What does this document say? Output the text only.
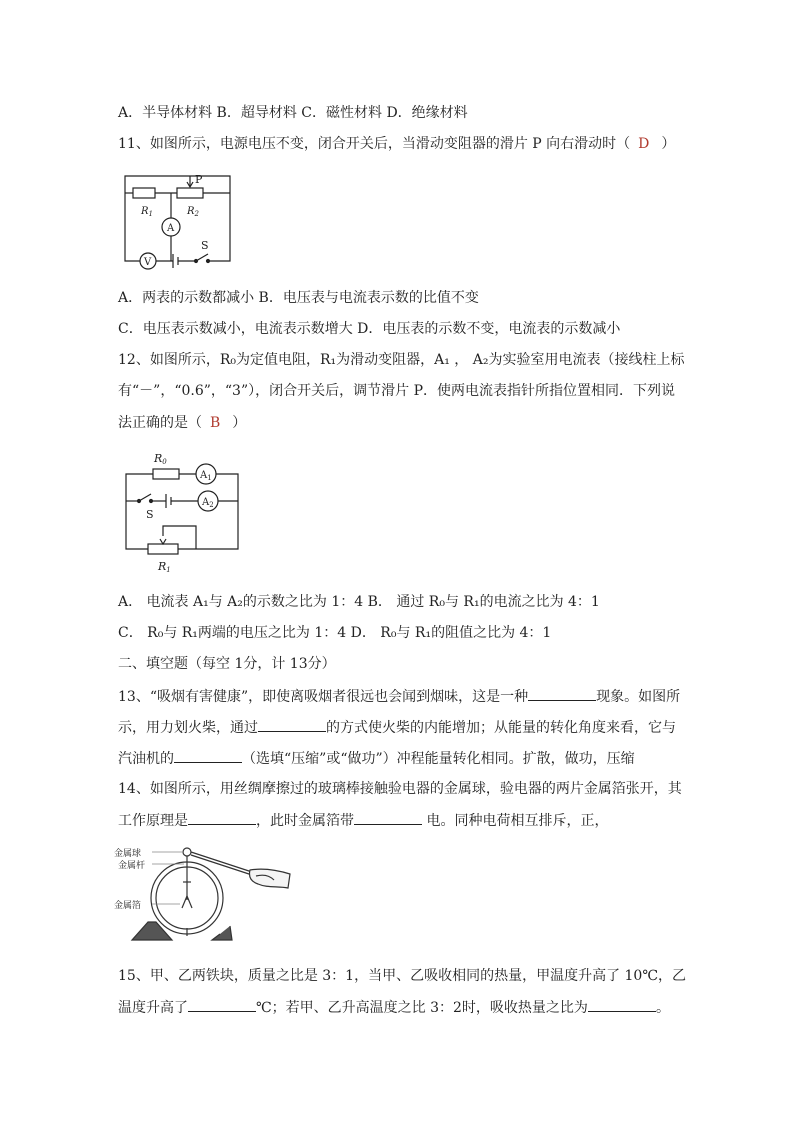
A．半导体材料 B．超导材料 C．磁性材料 D．绝缘材料
11、如图所示，电源电压不变，闭合开关后，当滑动变阻器的滑片 P 向右滑动时（ D ）
P
$R_1$	$R_2$
A
V
S
A．两表的示数都减小 B．电压表与电流表示数的比值不变
C．电压表示数减小，电流表示数增大 D．电压表的示数不变，电流表的示数减小
12、如图所示，R₀为定值电阻，R₁为滑动变阻器，A₁ ， A₂为实验室用电流表（接线柱上标
有“－”，“0.6”，“3”），闭合开关后，调节滑片 P．使两电流表指针所指位置相同．下列说
法正确的是（ B ）
R0
$A_1$
$A_2$
S
R1
A． 电流表 A₁与 A₂的示数之比为 1：4 B． 通过 R₀与 R₁的电流之比为 4：1
C． R₀与 R₁两端的电压之比为 1：4 D． R₀与 R₁的阻值之比为 4：1
二、填空题（每空 1分，计 13分）
13、“吸烟有害健康”，即使离吸烟者很远也会闻到烟味，这是一种	现象。如图所
示，用力划火柴，通过	的方式使火柴的内能增加；从能量的转化角度来看，它与
汽油机的	（选填“压缩”或“做功”）冲程能量转化相同。扩散，做功，压缩
14、如图所示，用丝绸摩擦过的玻璃棒接触验电器的金属球，验电器的两片金属箔张开，其
工作原理是	，此时金属箔带	电。同种电荷相互排斥，正，
金属球
金属杆
金属箔
15、甲、乙两铁块，质量之比是 3：1，当甲、乙吸收相同的热量，甲温度升高了 10℃，乙
温度升高了	℃；若甲、乙升高温度之比 3：2时，吸收热量之比为	。
